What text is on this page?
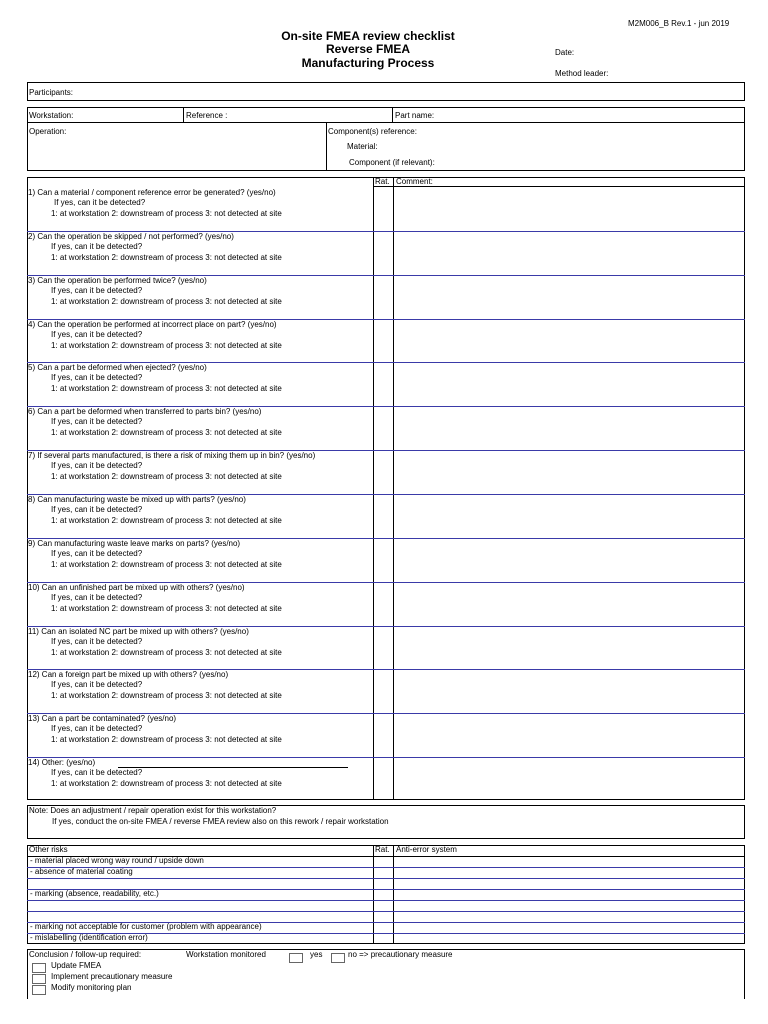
M2M006_B Rev.1 - jun 2019
On-site FMEA review checklist
Reverse FMEA
Manufacturing Process
Date:
Method leader:
Participants:
Workstation:	Reference :	Part name:
Operation:	Component(s) reference:
Material:
Component (if relevant):
Rat. Comment:
1) Can a material / component reference error be generated? (yes/no)
If yes, can it be detected?
1: at workstation 2: downstream of process 3: not detected at site
2) Can the operation be skipped / not performed? (yes/no)
If yes, can it be detected?
1: at workstation 2: downstream of process 3: not detected at site
3) Can the operation be performed twice? (yes/no)
If yes, can it be detected?
1: at workstation 2: downstream of process 3: not detected at site
4) Can the operation be performed at incorrect place on part? (yes/no)
If yes, can it be detected?
1: at workstation 2: downstream of process 3: not detected at site
5) Can a part be deformed when ejected? (yes/no)
If yes, can it be detected?
1: at workstation 2: downstream of process 3: not detected at site
6) Can a part be deformed when transferred to parts bin? (yes/no)
If yes, can it be detected?
1: at workstation 2: downstream of process 3: not detected at site
7) If several parts manufactured, is there a risk of mixing them up in bin? (yes/no)
If yes, can it be detected?
1: at workstation 2: downstream of process 3: not detected at site
8) Can manufacturing waste be mixed up with parts? (yes/no)
If yes, can it be detected?
1: at workstation 2: downstream of process 3: not detected at site
9) Can manufacturing waste leave marks on parts? (yes/no)
If yes, can it be detected?
1: at workstation 2: downstream of process 3: not detected at site
10) Can an unfinished part be mixed up with others? (yes/no)
If yes, can it be detected?
1: at workstation 2: downstream of process 3: not detected at site
11) Can an isolated NC part be mixed up with others? (yes/no)
If yes, can it be detected?
1: at workstation 2: downstream of process 3: not detected at site
12) Can a foreign part be mixed up with others? (yes/no)
If yes, can it be detected?
1: at workstation 2: downstream of process 3: not detected at site
13) Can a part be contaminated? (yes/no)
If yes, can it be detected?
1: at workstation 2: downstream of process 3: not detected at site
14) Other: (yes/no)
If yes, can it be detected?
1: at workstation 2: downstream of process 3: not detected at site
Note: Does an adjustment / repair operation exist for this workstation?
If yes, conduct the on-site FMEA / reverse FMEA review also on this rework / repair workstation
Other risks	Rat. Anti-error system
- material placed wrong way round / upside down
- absence of material coating
- marking (absence, readability, etc.)
- marking not acceptable for customer (problem with appearance)
- mislabelling (identification error)
Conclusion / follow-up required:	Workstation monitored	yes	no => precautionary measure
Update FMEA
Implement precautionary measure
Modify monitoring plan
